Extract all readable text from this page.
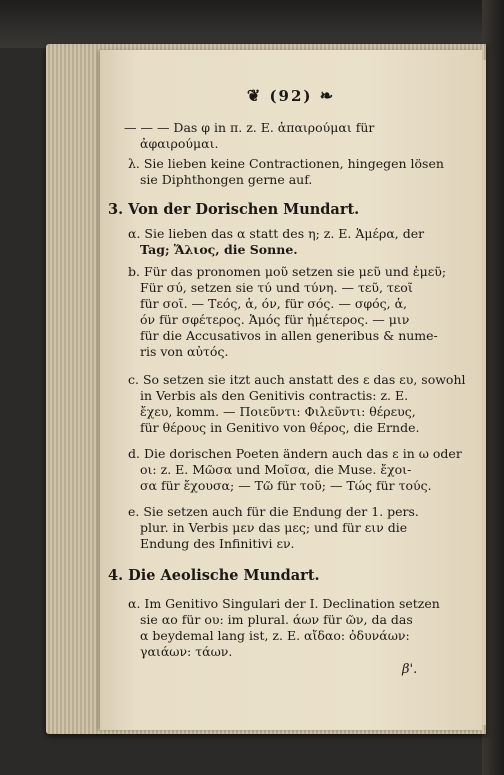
❦ (92) ❧
— — — Das φ in π. z. E. ἀπαιρούμαι für
ἀφαιρούμαι.
λ. Sie lieben keine Contractionen, hingegen lösen
sie Diphthongen gerne auf.
3. Von der Dorischen Mundart.
α. Sie lieben das α statt des η; z. E. Ἁμέρα, der
Tag; Ἅλιος, die Sonne.
b. Für das pronomen μοῦ setzen sie μεῦ und ἐμεῦ;
Für σύ, setzen sie τύ und τύνη. — τεῦ, τεοῖ
für σοῖ. — Τεός, ἁ, όν, für σός. — σφός, ἁ,
όν für σφέτερος. Ἁμός für ἡμέτερος. — μιν
für die Accusativos in allen generibus & nume-
ris von αὐτός.
c. So setzen sie itzt auch anstatt des ε das ευ, sowohl
in Verbis als den Genitivis contractis: z. E.
ἔχευ, komm. — Ποιεῦντι: Φιλεῦντι: θέρευς,
für θέρους in Genitivo von θέρος, die Ernde.
d. Die dorischen Poeten ändern auch das ε in ω oder
οι: z. E. Μῶσα und Μοῖσα, die Muse. ἔχοι-
σα für ἔχουσα; — Τῶ für τοῦ; — Τώς für τούς.
e. Sie setzen auch für die Endung der 1. pers.
plur. in Verbis μεν das μες; und für ειν die
Endung des Infinitivi εν.
4. Die Aeolische Mundart.
α. Im Genitivo Singulari der I. Declination setzen
sie αο für ου: im plural. άων für ῶν, da das
α beydemal lang ist, z. E. αἴδαο: ὀδυνάων:
γαιάων: τάων.
β'.
